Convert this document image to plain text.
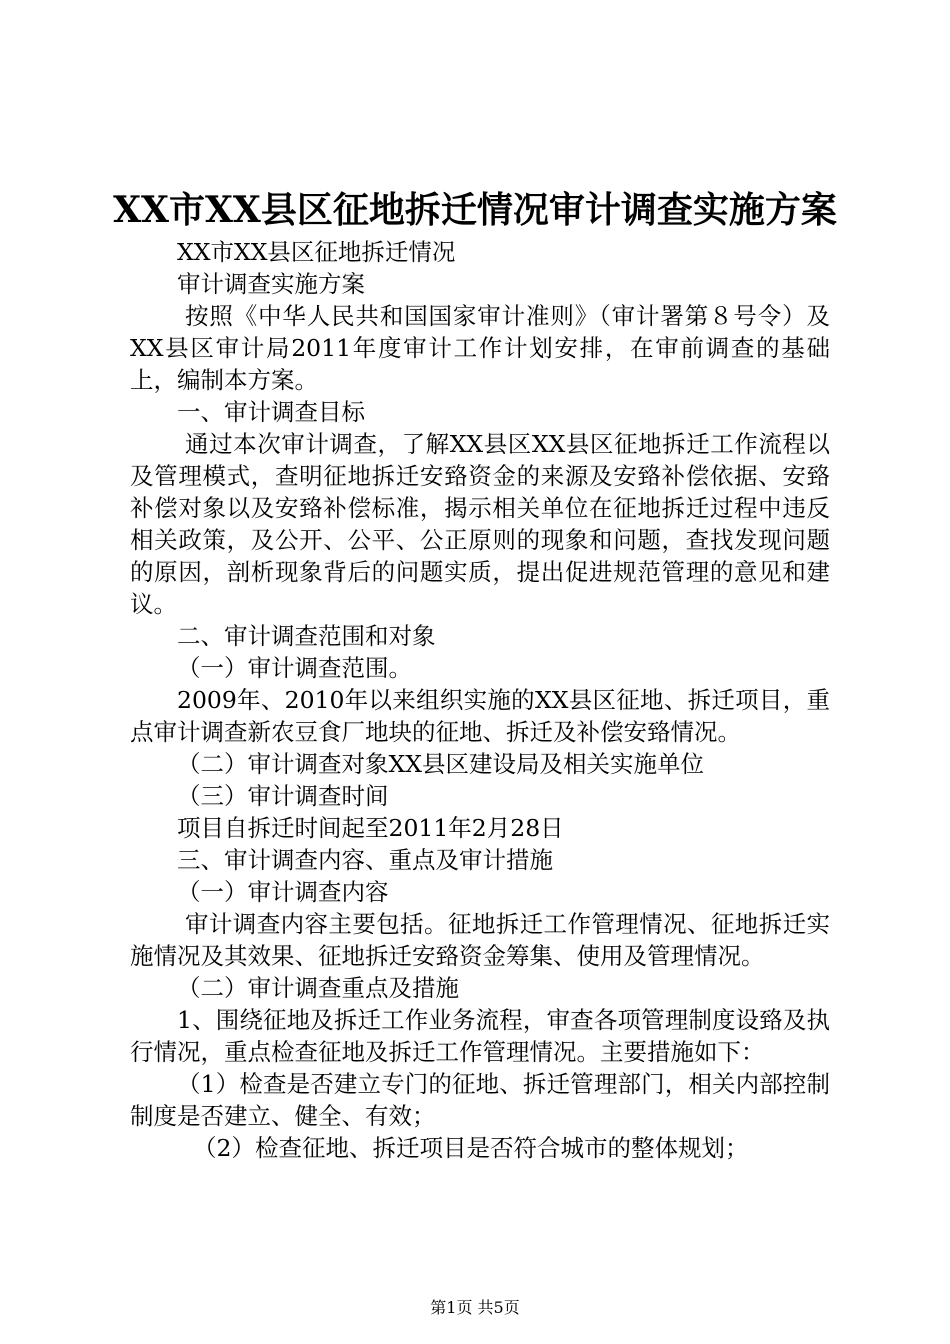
XX市XX县区征地拆迁情况审计调查实施方案

XX市XX县区征地拆迁情况

审计调查实施方案

按照《中华人民共和国国家审计准则》（审计署第８号令）及XX县区审计局2011年度审计工作计划安排，在审前调查的基础上，编制本方案。

一、审计调查目标

通过本次审计调查，了解XX县区XX县区征地拆迁工作流程以及管理模式，查明征地拆迁安臵资金的来源及安臵补偿依据、安臵补偿对象以及安臵补偿标准，揭示相关单位在征地拆迁过程中违反相关政策，及公开、公平、公正原则的现象和问题，查找发现问题的原因，剖析现象背后的问题实质，提出促进规范管理的意见和建议。

二、审计调查范围和对象

（一）审计调查范围。

2009年、2010年以来组织实施的XX县区征地、拆迁项目，重点审计调查新农豆食厂地块的征地、拆迁及补偿安臵情况。

（二）审计调查对象XX县区建设局及相关实施单位

（三）审计调查时间

项目自拆迁时间起至2011年2月28日

三、审计调查内容、重点及审计措施

（一）审计调查内容

审计调查内容主要包括。征地拆迁工作管理情况、征地拆迁实施情况及其效果、征地拆迁安臵资金筹集、使用及管理情况。

（二）审计调查重点及措施

1、围绕征地及拆迁工作业务流程，审查各项管理制度设臵及执行情况，重点检查征地及拆迁工作管理情况。主要措施如下：

（1）检查是否建立专门的征地、拆迁管理部门，相关内部控制制度是否建立、健全、有效；

（2）检查征地、拆迁项目是否符合城市的整体规划；

第1页 共5页
